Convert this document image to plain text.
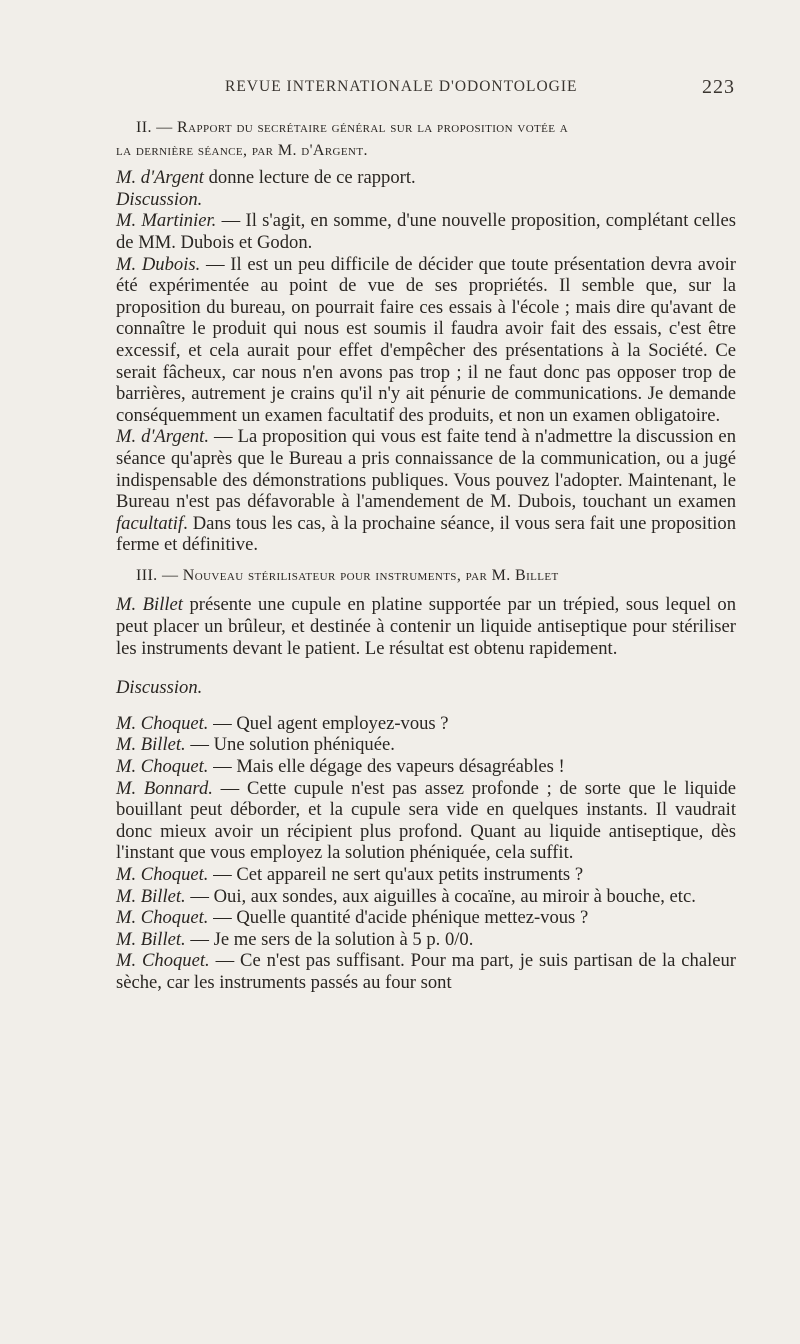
REVUE INTERNATIONALE D'ODONTOLOGIE	223

II. — Rapport du secrétaire général sur la proposition votée a

la dernière séance, par M. d'Argent.

M. d'Argent donne lecture de ce rapport.

Discussion.

M. Martinier. — Il s'agit, en somme, d'une nouvelle proposition, complétant celles de MM. Dubois et Godon.

M. Dubois. — Il est un peu difficile de décider que toute présentation devra avoir été expérimentée au point de vue de ses propriétés. Il semble que, sur la proposition du bureau, on pourrait faire ces essais à l'école ; mais dire qu'avant de connaître le produit qui nous est soumis il faudra avoir fait des essais, c'est être excessif, et cela aurait pour effet d'empêcher des présentations à la Société. Ce serait fâcheux, car nous n'en avons pas trop ; il ne faut donc pas opposer trop de barrières, autrement je crains qu'il n'y ait pénurie de communications. Je demande conséquemment un examen facultatif des produits, et non un examen obligatoire.

M. d'Argent. — La proposition qui vous est faite tend à n'admettre la discussion en séance qu'après que le Bureau a pris connaissance de la communication, ou a jugé indispensable des démonstrations publiques. Vous pouvez l'adopter. Maintenant, le Bureau n'est pas défavorable à l'amendement de M. Dubois, touchant un examen facultatif. Dans tous les cas, à la prochaine séance, il vous sera fait une proposition ferme et définitive.

III. — Nouveau stérilisateur pour instruments, par M. Billet

M. Billet présente une cupule en platine supportée par un trépied, sous lequel on peut placer un brûleur, et destinée à contenir un liquide antiseptique pour stériliser les instruments devant le patient. Le résultat est obtenu rapidement.

Discussion.

M. Choquet. — Quel agent employez-vous ?

M. Billet. — Une solution phéniquée.

M. Choquet. — Mais elle dégage des vapeurs désagréables !

M. Bonnard. — Cette cupule n'est pas assez profonde ; de sorte que le liquide bouillant peut déborder, et la cupule sera vide en quelques instants. Il vaudrait donc mieux avoir un récipient plus profond. Quant au liquide antiseptique, dès l'instant que vous employez la solution phéniquée, cela suffit.

M. Choquet. — Cet appareil ne sert qu'aux petits instruments ?

M. Billet. — Oui, aux sondes, aux aiguilles à cocaïne, au miroir à bouche, etc.

M. Choquet. — Quelle quantité d'acide phénique mettez-vous ?

M. Billet. — Je me sers de la solution à 5 p. 0/0.

M. Choquet. — Ce n'est pas suffisant. Pour ma part, je suis partisan de la chaleur sèche, car les instruments passés au four sont
